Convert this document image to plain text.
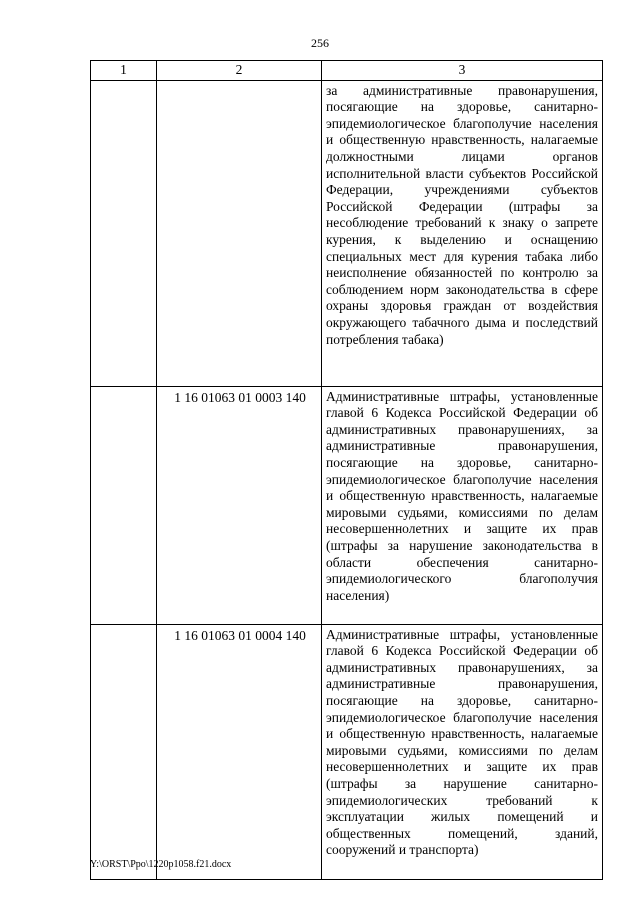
256
1	2	3
		за административные правонарушения, посягающие на здоровье, санитарно-эпидемиологическое благополучие населения и общественную нравственность, налагаемые должностными лицами органов исполнительной власти субъектов Российской Федерации, учреждениями субъектов Российской Федерации (штрафы за несоблюдение требований к знаку о запрете курения, к выделению и оснащению специальных мест для курения табака либо неисполнение обязанностей по контролю за соблюдением норм законодательства в сфере охраны здоровья граждан от воздействия окружающего табачного дыма и последствий потребления табака)
	1 16 01063 01 0003 140	Административные штрафы, установленные главой 6 Кодекса Российской Федерации об административных правонарушениях, за административные правонарушения, посягающие на здоровье, санитарно-эпидемиологическое благополучие населения и общественную нравственность, налагаемые мировыми судьями, комиссиями по делам несовершеннолетних и защите их прав (штрафы за нарушение законодательства в области обеспечения санитарно-эпидемиологического благополучия населения)
	1 16 01063 01 0004 140	Административные штрафы, установленные главой 6 Кодекса Российской Федерации об административных правонарушениях, за административные правонарушения, посягающие на здоровье, санитарно-эпидемиологическое благополучие населения и общественную нравственность, налагаемые мировыми судьями, комиссиями по делам несовершеннолетних и защите их прав (штрафы за нарушение санитарно-эпидемиологических требований к эксплуатации жилых помещений и общественных помещений, зданий, сооружений и транспорта)
Y:\ORST\Ppo\1220p1058.f21.docx
